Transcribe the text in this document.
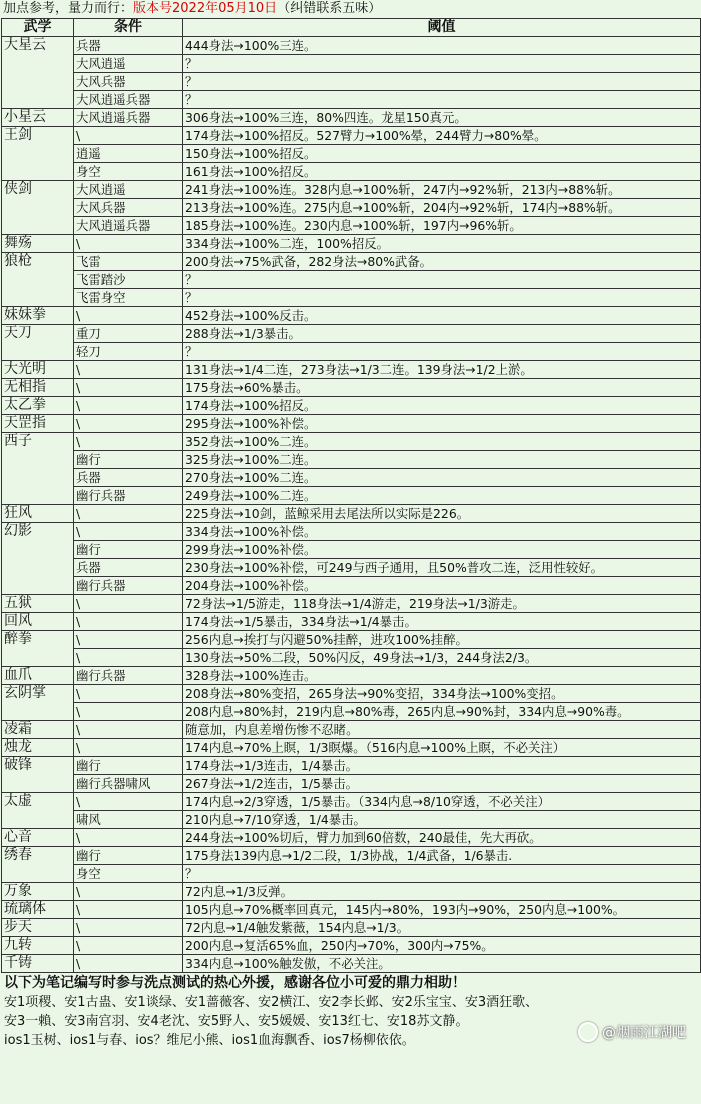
加点参考，量力而行：版本号2022年05月10日（纠错联系五味）
武学	条件	阈值
大星云	兵器	444身法→100%三连。
	大风逍遥	？
	大风兵器	？
	大风逍遥兵器	？
小星云	大风逍遥兵器	306身法→100%三连，80%四连。龙星150真元。
王剑	\	174身法→100%招反。527臂力→100%晕，244臂力→80%晕。
	逍遥	150身法→100%招反。
	身空	161身法→100%招反。
侠剑	大风逍遥	241身法→100%连。328内息→100%斩，247内→92%斩，213内→88%斩。
	大风兵器	213身法→100%连。275内息→100%斩，204内→92%斩，174内→88%斩。
	大风逍遥兵器	185身法→100%连。230内息→100%斩，197内→96%斩。
舞殇	\	334身法→100%二连，100%招反。
狼枪	飞雷	200身法→75%武备，282身法→80%武备。
	飞雷踏沙	？
	飞雷身空	？
妹妹拳	\	452身法→100%反击。
天刀	重刀	288身法→1/3暴击。
	轻刀	？
大光明	\	131身法→1/4二连，273身法→1/3二连。139身法→1/2上淤。
无相指	\	175身法→60%暴击。
太乙拳	\	174身法→100%招反。
天罡指	\	295身法→100%补偿。
西子	\	352身法→100%二连。
	幽行	325身法→100%二连。
	兵器	270身法→100%二连。
	幽行兵器	249身法→100%二连。
狂风	\	225身法→10剑，蓝鲸采用去尾法所以实际是226。
幻影	\	334身法→100%补偿。
	幽行	299身法→100%补偿。
	兵器	230身法→100%补偿，可249与西子通用，且50%普攻二连，泛用性较好。
	幽行兵器	204身法→100%补偿。
五狱	\	72身法→1/5游走，118身法→1/4游走，219身法→1/3游走。
回风	\	174身法→1/5暴击，334身法→1/4暴击。
醉拳	\	256内息→挨打与闪避50%挂醉，进攻100%挂醉。
	\	130身法→50%二段，50%闪反，49身法→1/3，244身法2/3。
血爪	幽行兵器	328身法→100%连击。
玄阴掌	\	208身法→80%变招，265身法→90%变招，334身法→100%变招。
	\	208内息→80%封，219内息→80%毒，265内息→90%封，334内息→90%毒。
凌霜	\	随意加，内息差增伤惨不忍睹。
烛龙	\	174内息→70%上瞑，1/3瞑爆。（516内息→100%上瞑，不必关注）
破锋	幽行	174身法→1/3连击，1/4暴击。
	幽行兵器啸风	267身法→1/2连击，1/5暴击。
太虚	\	174内息→2/3穿透，1/5暴击。（334内息→8/10穿透，不必关注）
	啸风	210内息→7/10穿透，1/4暴击。
心音	\	244身法→100%切后，臂力加到60倍数，240最佳，先大再砍。
绣春	幽行	175身法139内息→1/2二段，1/3协战，1/4武备，1/6暴击.
	身空	？
万象	\	72内息→1/3反弹。
琉璃体	\	105内息→70%概率回真元，145内→80%，193内→90%，250内息→100%。
步天	\	72内息→1/4触发紫薇，154内息→1/3。
九转	\	200内息→复活65%血，250内→70%，300内→75%。
千铸	\	334内息→100%触发傲，不必关注。
以下为笔记编写时参与洗点测试的热心外援，感谢各位小可爱的鼎力相助！
安1项稷、安1古蛊、安1谈绿、安1蔷薇客、安2横江、安2李长邺、安2乐宝宝、安3酒狂歌、
安3一賴、安3南宫羽、安4老沈、安5野人、安5媛媛、安13红七、安18苏文静。
ios1玉树、ios1与春、ios？维尼小熊、ios1血海飘香、ios7杨柳依依。	@烟雨江湖吧
